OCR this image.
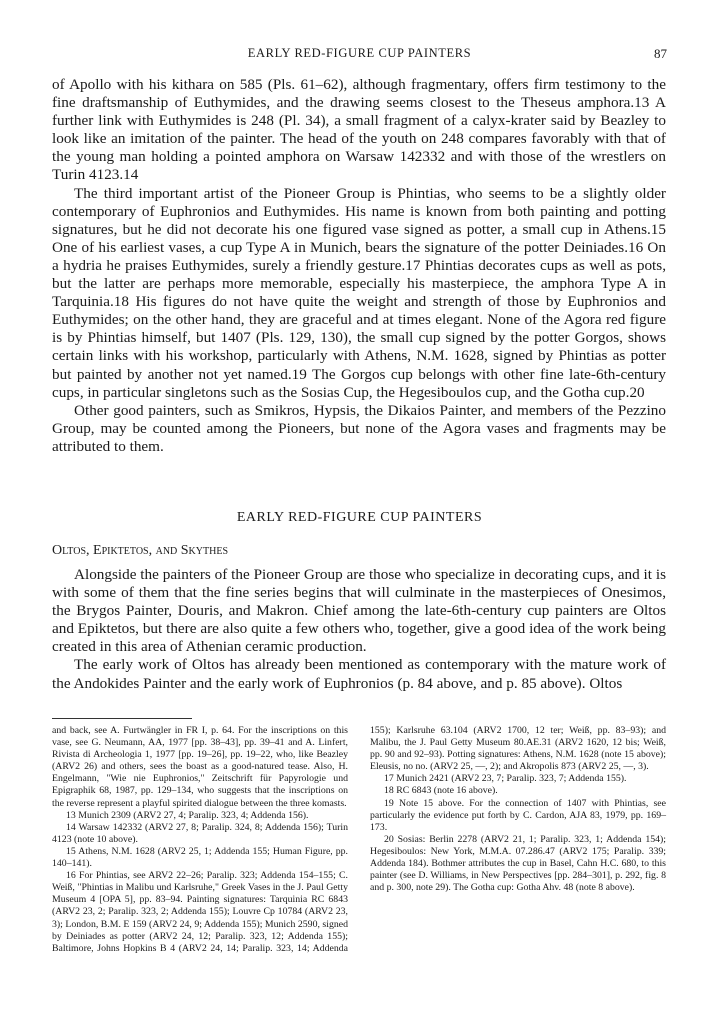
EARLY RED-FIGURE CUP PAINTERS	87

of Apollo with his kithara on 585 (Pls. 61–62), although fragmentary, offers firm testimony to the fine draftsmanship of Euthymides, and the drawing seems closest to the Theseus amphora.13 A further link with Euthymides is 248 (Pl. 34), a small fragment of a calyx-krater said by Beazley to look like an imitation of the painter. The head of the youth on 248 compares favorably with that of the young man holding a pointed amphora on Warsaw 142332 and with those of the wrestlers on Turin 4123.14

The third important artist of the Pioneer Group is Phintias, who seems to be a slightly older contemporary of Euphronios and Euthymides. His name is known from both painting and potting signatures, but he did not decorate his one figured vase signed as potter, a small cup in Athens.15 One of his earliest vases, a cup Type A in Munich, bears the signature of the potter Deiniades.16 On a hydria he praises Euthymides, surely a friendly gesture.17 Phintias decorates cups as well as pots, but the latter are perhaps more memorable, especially his masterpiece, the amphora Type A in Tarquinia.18 His figures do not have quite the weight and strength of those by Euphronios and Euthymides; on the other hand, they are graceful and at times elegant. None of the Agora red figure is by Phintias himself, but 1407 (Pls. 129, 130), the small cup signed by the potter Gorgos, shows certain links with his workshop, particularly with Athens, N.M. 1628, signed by Phintias as potter but painted by another not yet named.19 The Gorgos cup belongs with other fine late-6th-century cups, in particular singletons such as the Sosias Cup, the Hegesiboulos cup, and the Gotha cup.20

Other good painters, such as Smikros, Hypsis, the Dikaios Painter, and members of the Pezzino Group, may be counted among the Pioneers, but none of the Agora vases and fragments may be attributed to them.

EARLY RED-FIGURE CUP PAINTERS
Oltos, Epiktetos, and Skythes

Alongside the painters of the Pioneer Group are those who specialize in decorating cups, and it is with some of them that the fine series begins that will culminate in the masterpieces of Onesimos, the Brygos Painter, Douris, and Makron. Chief among the late-6th-century cup painters are Oltos and Epiktetos, but there are also quite a few others who, together, give a good idea of the work being created in this area of Athenian ceramic production.

The early work of Oltos has already been mentioned as contemporary with the mature work of the Andokides Painter and the early work of Euphronios (p. 84 above, and p. 85 above). Oltos

and back, see A. Furtwängler in FR I, p. 64. For the inscriptions on this vase, see G. Neumann, AA, 1977 [pp. 38–43], pp. 39–41 and A. Linfert, Rivista di Archeologia 1, 1977 [pp. 19–26], pp. 19–22, who, like Beazley (ARV2 26) and others, sees the boast as a good-natured tease. Also, H. Engelmann, "Wie nie Euphronios," Zeitschrift für Papyrologie und Epigraphik 68, 1987, pp. 129–134, who suggests that the inscriptions on the reverse represent a playful spirited dialogue between the three komasts.

13 Munich 2309 (ARV2 27, 4; Paralip. 323, 4; Addenda 156).

14 Warsaw 142332 (ARV2 27, 8; Paralip. 324, 8; Addenda 156); Turin 4123 (note 10 above).

15 Athens, N.M. 1628 (ARV2 25, 1; Addenda 155; Human Figure, pp. 140–141).

16 For Phintias, see ARV2 22–26; Paralip. 323; Addenda 154–155; C. Weiß, "Phintias in Malibu und Karlsruhe," Greek Vases in the J. Paul Getty Museum 4 [OPA 5], pp. 83–94. Painting signatures: Tarquinia RC 6843 (ARV2 23, 2; Paralip. 323, 2; Addenda 155); Louvre Cp 10784 (ARV2 23, 3); London, B.M. E 159 (ARV2 24, 9; Addenda 155); Munich 2590, signed by Deiniades as potter (ARV2 24, 12; Paralip. 323, 12; Addenda 155); Baltimore, Johns Hopkins B 4 (ARV2 24, 14; Paralip. 323, 14; Addenda 155); Karlsruhe 63.104 (ARV2 1700, 12 ter; Weiß, pp. 83–93); and Malibu, the J. Paul Getty Museum 80.AE.31 (ARV2 1620, 12 bis; Weiß, pp. 90 and 92–93). Potting signatures: Athens, N.M. 1628 (note 15 above); Eleusis, no no. (ARV2 25, —, 2); and Akropolis 873 (ARV2 25, —, 3).

17 Munich 2421 (ARV2 23, 7; Paralip. 323, 7; Addenda 155).

18 RC 6843 (note 16 above).

19 Note 15 above. For the connection of 1407 with Phintias, see particularly the evidence put forth by C. Cardon, AJA 83, 1979, pp. 169–173.

20 Sosias: Berlin 2278 (ARV2 21, 1; Paralip. 323, 1; Addenda 154); Hegesiboulos: New York, M.M.A. 07.286.47 (ARV2 175; Paralip. 339; Addenda 184). Bothmer attributes the cup in Basel, Cahn H.C. 680, to this painter (see D. Williams, in New Perspectives [pp. 284–301], p. 292, fig. 8 and p. 300, note 29). The Gotha cup: Gotha Ahv. 48 (note 8 above).
